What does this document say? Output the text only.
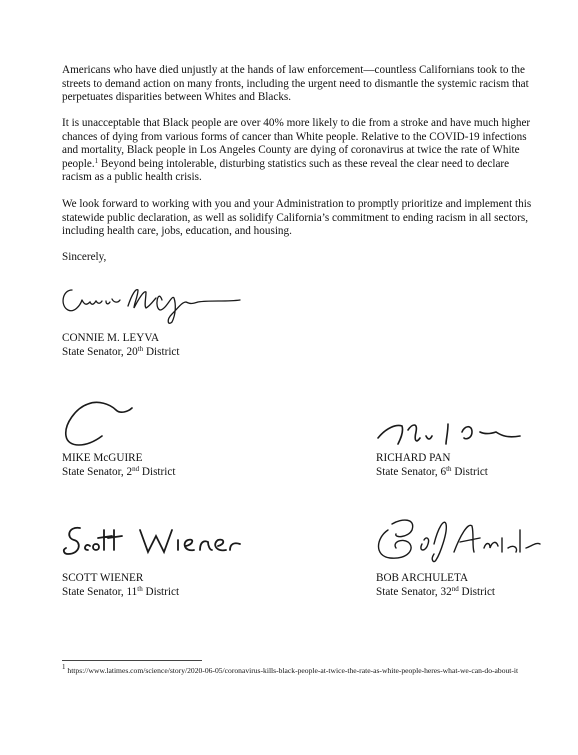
Americans who have died unjustly at the hands of law enforcement—countless Californians took to the streets to demand action on many fronts, including the urgent need to dismantle the systemic racism that perpetuates disparities between Whites and Blacks.

It is unacceptable that Black people are over 40% more likely to die from a stroke and have much higher chances of dying from various forms of cancer than White people. Relative to the COVID-19 infections and mortality, Black people in Los Angeles County are dying of coronavirus at twice the rate of White people.$^1$ Beyond being intolerable, disturbing statistics such as these reveal the clear need to declare racism as a public health crisis.

We look forward to working with you and your Administration to promptly prioritize and implement this statewide public declaration, as well as solidify California’s commitment to ending racism in all sectors, including health care, jobs, education, and housing.

Sincerely,

CONNIE M. LEYVA
State Senator, 20th District
MIKE McGUIRE
State Senator, 2nd District
RICHARD PAN
State Senator, 6th District
SCOTT WIENER
State Senator, 11th District
BOB ARCHULETA
State Senator, 32nd District
$^1$ https://www.latimes.com/science/story/2020-06-05/coronavirus-kills-black-people-at-twice-the-rate-as-white-people-heres-what-we-can-do-about-it
